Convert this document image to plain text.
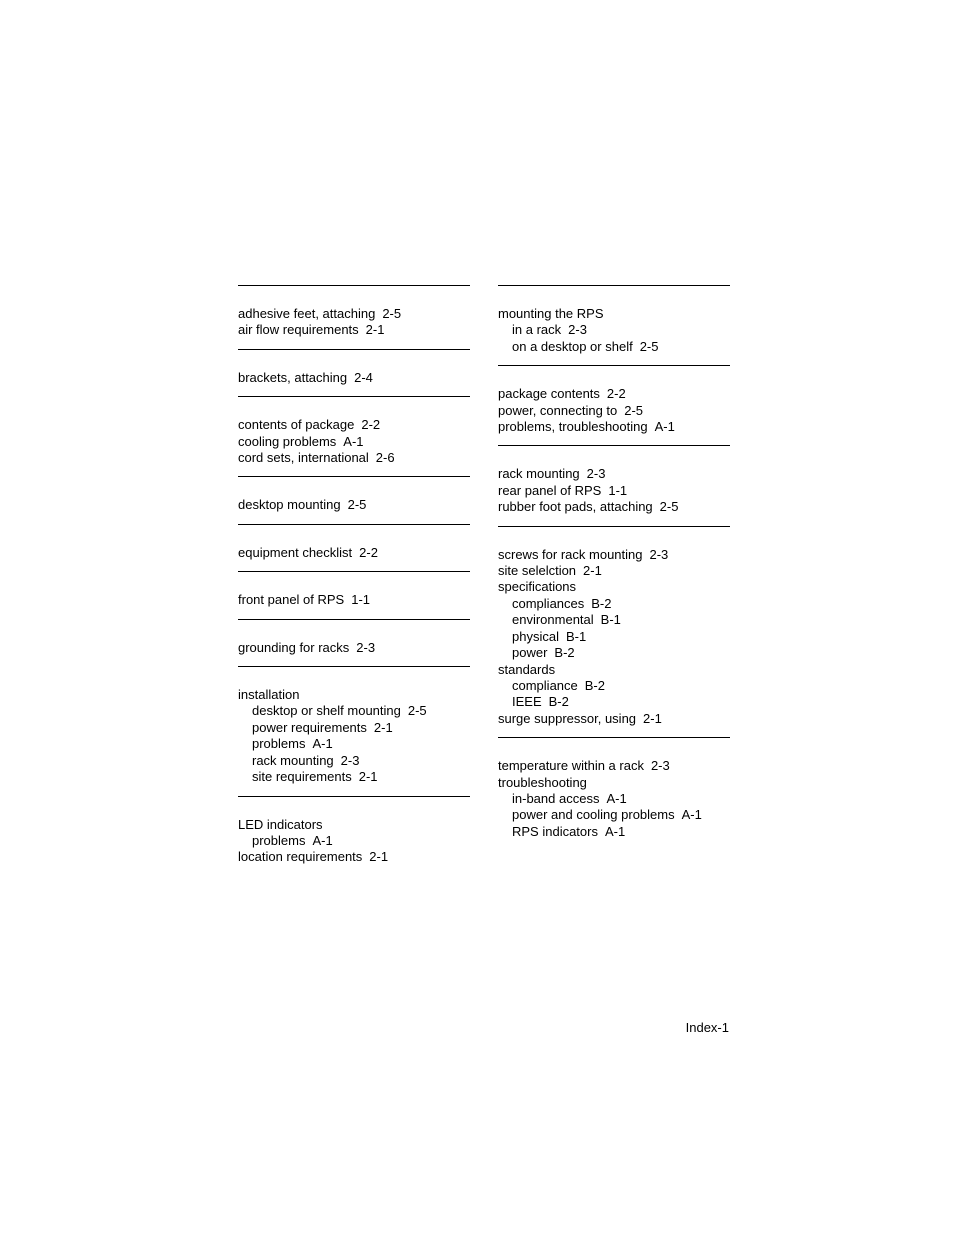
adhesive feet, attaching 2-5
air flow requirements 2-1
brackets, attaching 2-4
contents of package 2-2
cooling problems A-1
cord sets, international 2-6
desktop mounting 2-5
equipment checklist 2-2
front panel of RPS 1-1
grounding for racks 2-3
installation
desktop or shelf mounting 2-5
power requirements 2-1
problems A-1
rack mounting 2-3
site requirements 2-1
LED indicators
problems A-1
location requirements 2-1
mounting the RPS
in a rack 2-3
on a desktop or shelf 2-5
package contents 2-2
power, connecting to 2-5
problems, troubleshooting A-1
rack mounting 2-3
rear panel of RPS 1-1
rubber foot pads, attaching 2-5
screws for rack mounting 2-3
site selelction 2-1
specifications
compliances B-2
environmental B-1
physical B-1
power B-2
standards
compliance B-2
IEEE B-2
surge suppressor, using 2-1
temperature within a rack 2-3
troubleshooting
in-band access A-1
power and cooling problems A-1
RPS indicators A-1
Index-1
